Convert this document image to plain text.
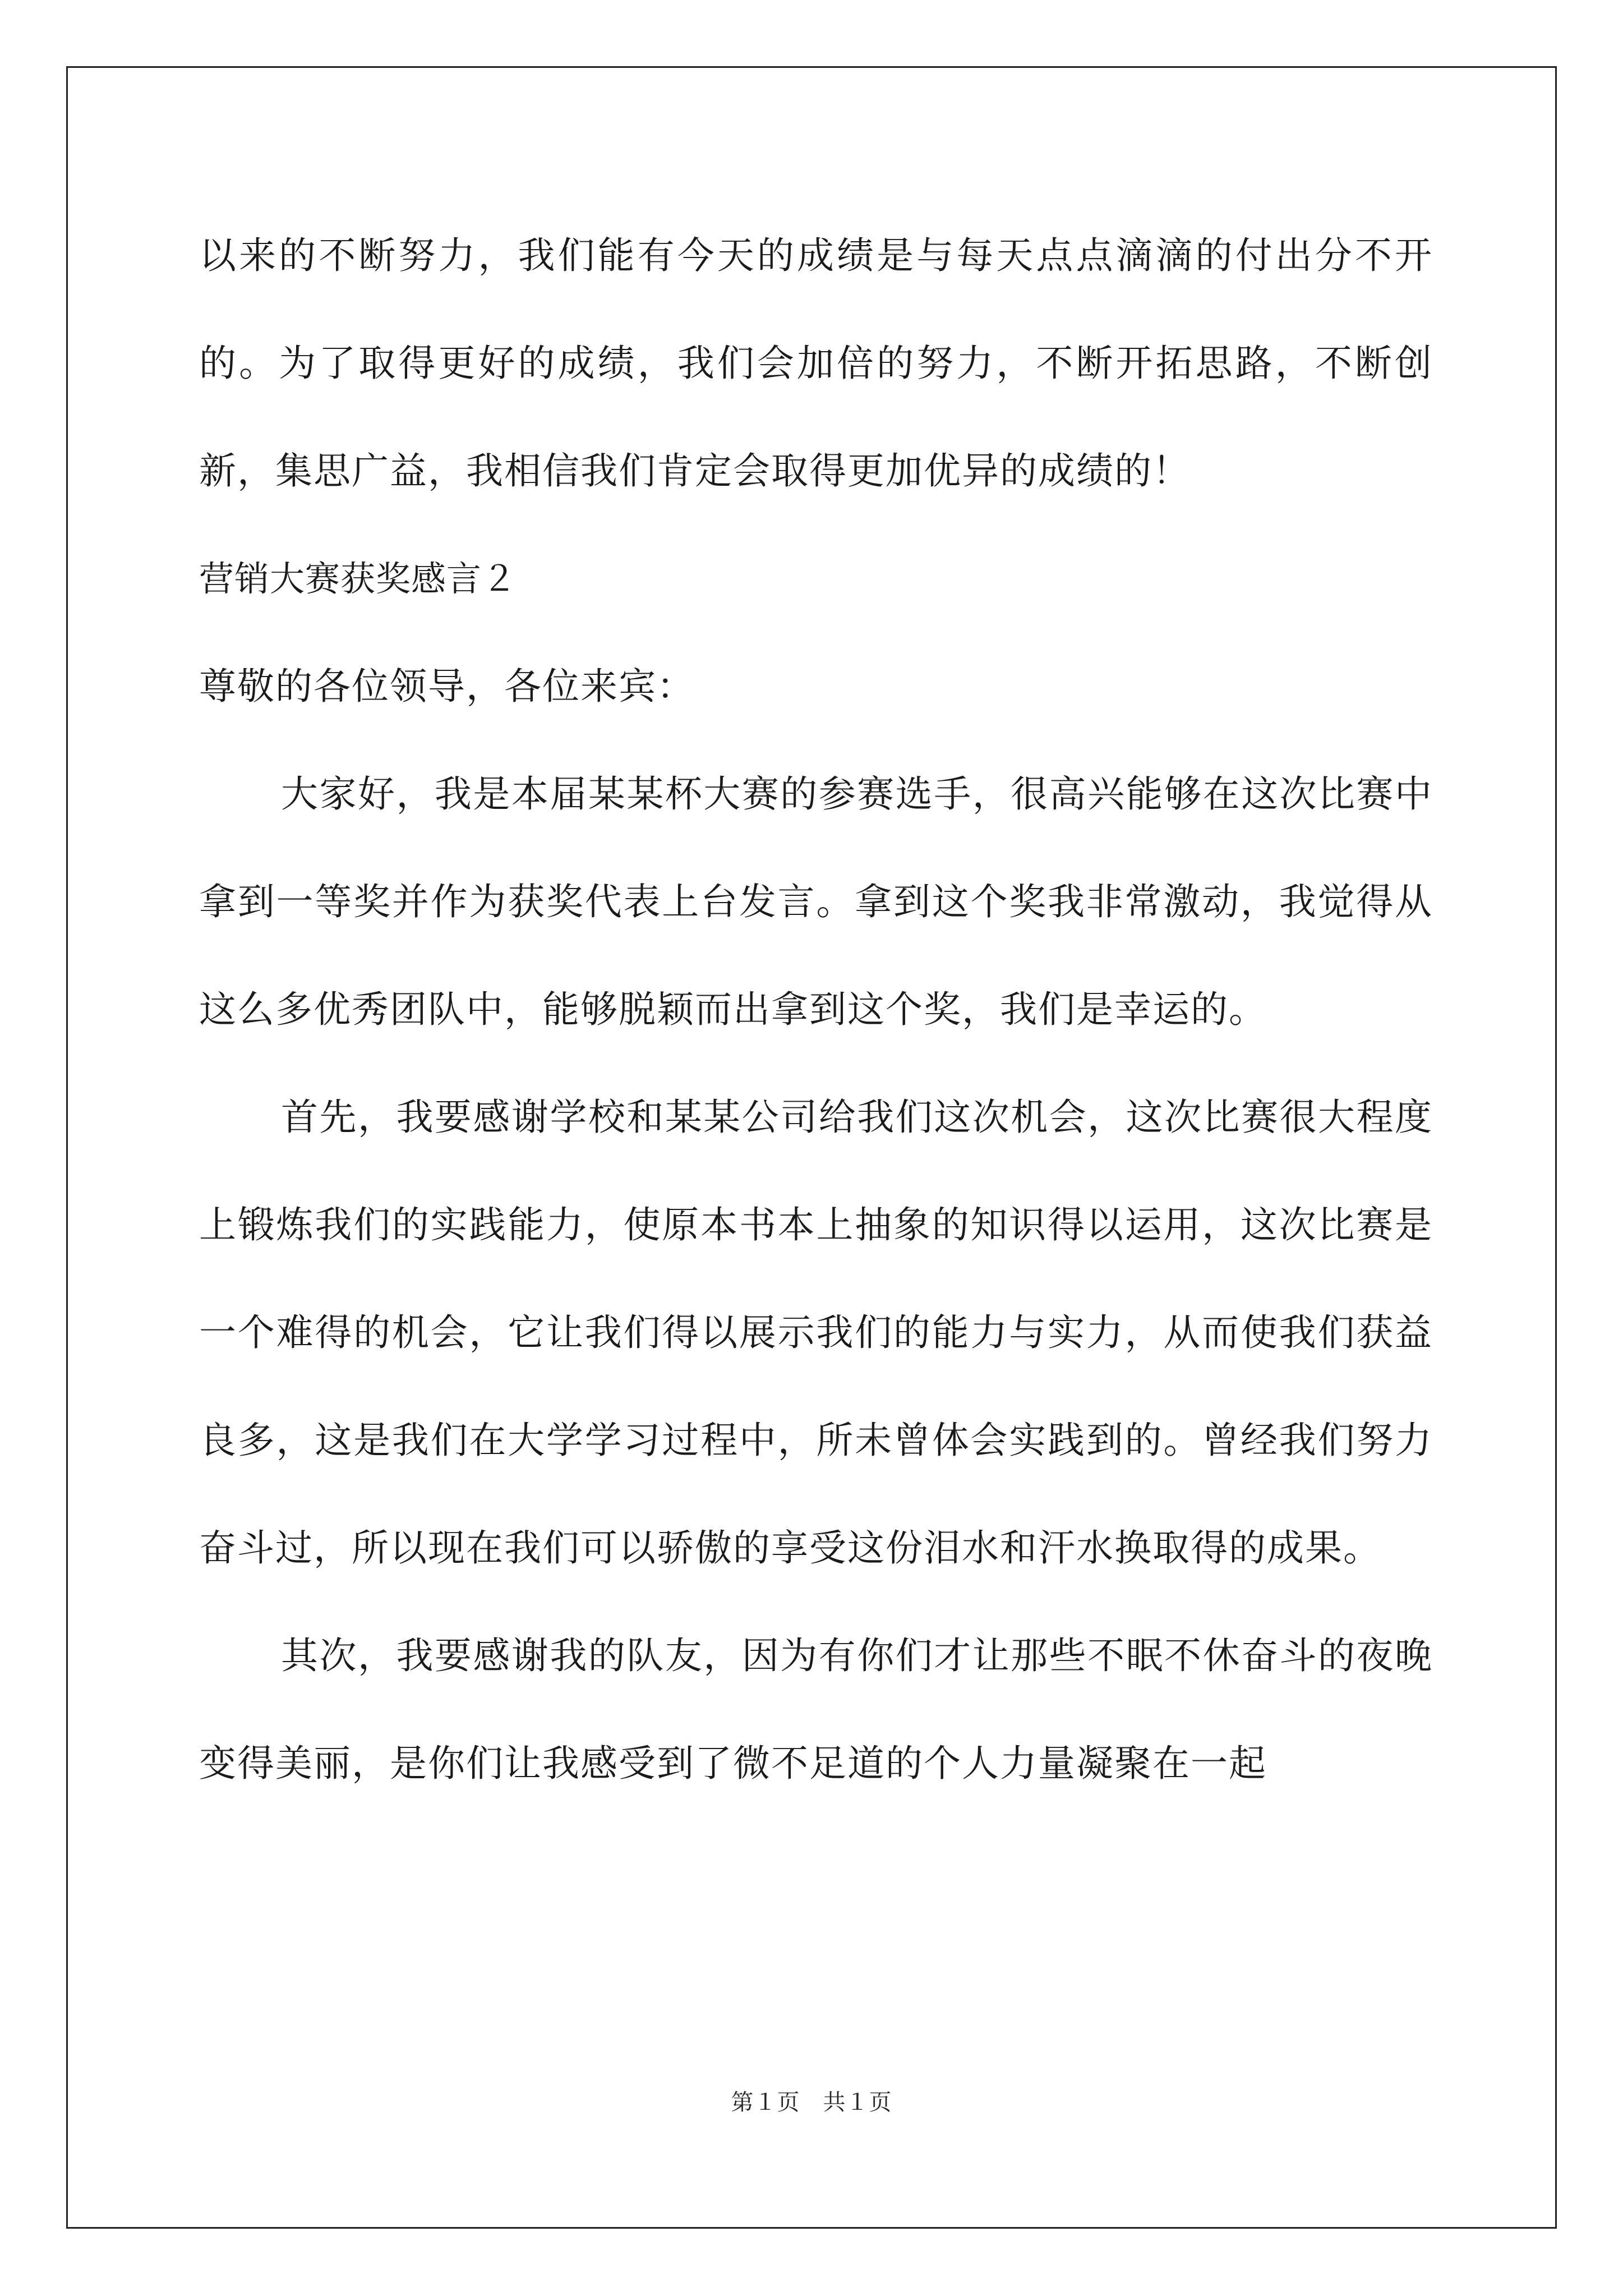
以来的不断努力，我们能有今天的成绩是与每天点点滴滴的付出分不开的。为了取得更好的成绩，我们会加倍的努力，不断开拓思路，不断创新，集思广益，我相信我们肯定会取得更加优异的成绩的！

营销大赛获奖感言２

尊敬的各位领导，各位来宾：

大家好，我是本届某某杯大赛的参赛选手，很高兴能够在这次比赛中拿到一等奖并作为获奖代表上台发言。拿到这个奖我非常激动，我觉得从这么多优秀团队中，能够脱颖而出拿到这个奖，我们是幸运的。

首先，我要感谢学校和某某公司给我们这次机会，这次比赛很大程度上锻炼我们的实践能力，使原本书本上抽象的知识得以运用，这次比赛是一个难得的机会，它让我们得以展示我们的能力与实力，从而使我们获益良多，这是我们在大学学习过程中，所未曾体会实践到的。曾经我们努力奋斗过，所以现在我们可以骄傲的享受这份泪水和汗水换取得的成果。

其次，我要感谢我的队友，因为有你们才让那些不眠不休奋斗的夜晚变得美丽，是你们让我感受到了微不足道的个人力量凝聚在一起

第１页　共１页
